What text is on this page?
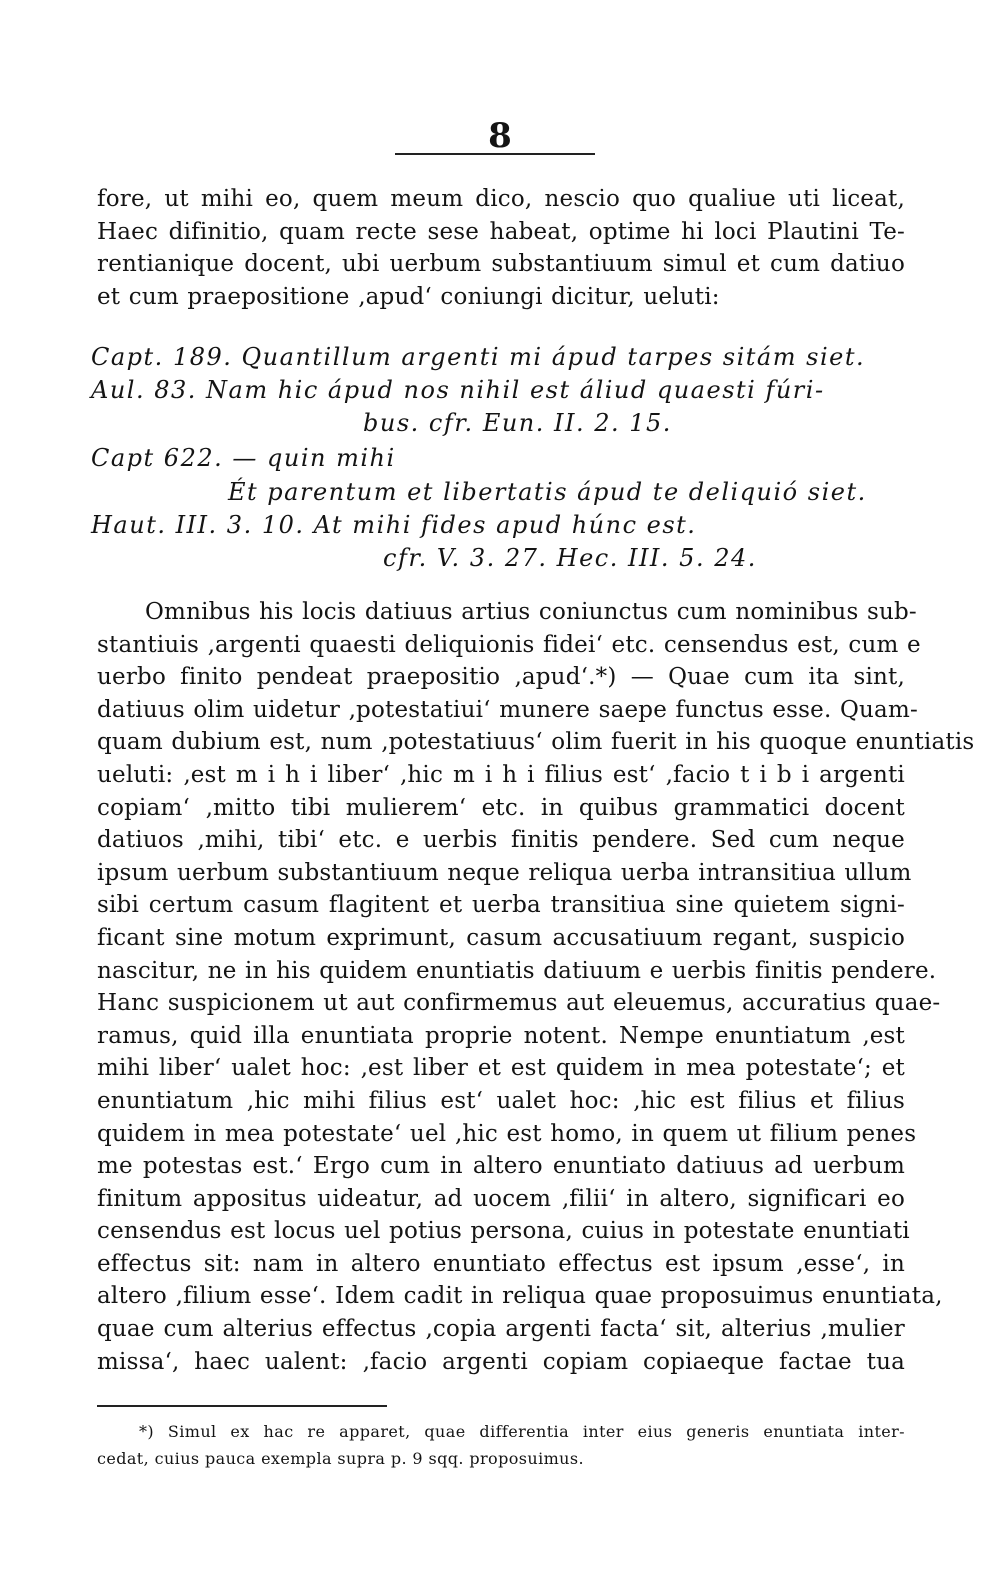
8
fore, ut mihi eo, quem meum dico, nescio quo qualiue uti liceat,
Haec difinitio, quam recte sese habeat, optime hi loci Plautini Te-
rentianique docent, ubi uerbum substantiuum simul et cum datiuo
et cum praepositione ‚apud‘ coniungi dicitur, ueluti:
Capt. 189. Quantillum argenti mi ápud tarpes sitám siet.
Aul. 83. Nam hic ápud nos nihil est áliud quaesti fúri-
bus. cfr. Eun. II. 2. 15.
Capt 622. — quin mihi
Ét parentum et libertatis ápud te deliquió siet.
Haut. III. 3. 10. At mihi fides apud húnc est.
cfr. V. 3. 27. Hec. III. 5. 24.
Omnibus his locis datiuus artius coniunctus cum nominibus sub-
stantiuis ‚argenti quaesti deliquionis fidei‘ etc. censendus est, cum e
uerbo finito pendeat praepositio ‚apud‘.*) — Quae cum ita sint,
datiuus olim uidetur ‚potestatiui‘ munere saepe functus esse. Quam-
quam dubium est, num ‚potestatiuus‘ olim fuerit in his quoque enuntiatis
ueluti: ‚est m i h i liber‘ ‚hic m i h i filius est‘ ‚facio t i b i argenti
copiam‘ ‚mitto tibi mulierem‘ etc. in quibus grammatici docent
datiuos ‚mihi, tibi‘ etc. e uerbis finitis pendere. Sed cum neque
ipsum uerbum substantiuum neque reliqua uerba intransitiua ullum
sibi certum casum flagitent et uerba transitiua sine quietem signi-
ficant sine motum exprimunt, casum accusatiuum regant, suspicio
nascitur, ne in his quidem enuntiatis datiuum e uerbis finitis pendere.
Hanc suspicionem ut aut confirmemus aut eleuemus, accuratius quae-
ramus, quid illa enuntiata proprie notent. Nempe enuntiatum ‚est
mihi liber‘ ualet hoc: ‚est liber et est quidem in mea potestate‘; et
enuntiatum ‚hic mihi filius est‘ ualet hoc: ‚hic est filius et filius
quidem in mea potestate‘ uel ‚hic est homo, in quem ut filium penes
me potestas est.‘ Ergo cum in altero enuntiato datiuus ad uerbum
finitum appositus uideatur, ad uocem ‚filii‘ in altero, significari eo
censendus est locus uel potius persona, cuius in potestate enuntiati
effectus sit: nam in altero enuntiato effectus est ipsum ‚esse‘, in
altero ‚filium esse‘. Idem cadit in reliqua quae proposuimus enuntiata,
quae cum alterius effectus ‚copia argenti facta‘ sit, alterius ‚mulier
missa‘, haec ualent: ‚facio argenti copiam copiaeque factae tua
*) Simul ex hac re apparet, quae differentia inter eius generis enuntiata inter-
cedat, cuius pauca exempla supra p. 9 sqq. proposuimus.
